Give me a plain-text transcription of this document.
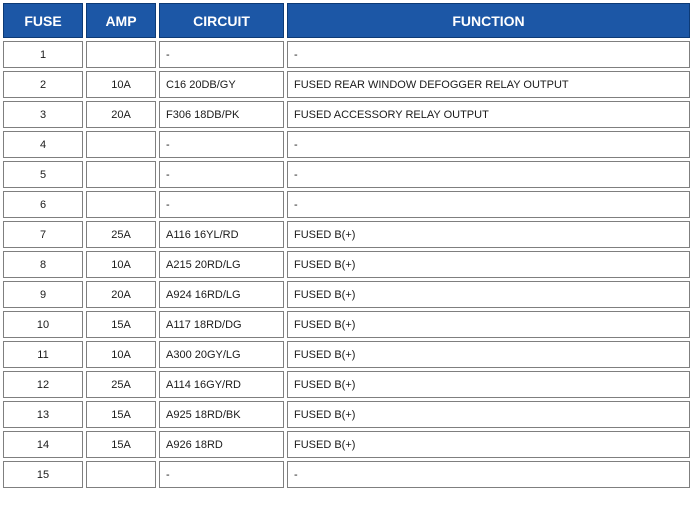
FUSE	AMP	CIRCUIT	FUNCTION
1		-	-
2	10A	C16 20DB/GY	FUSED REAR WINDOW DEFOGGER RELAY OUTPUT
3	20A	F306 18DB/PK	FUSED ACCESSORY RELAY OUTPUT
4		-	-
5		-	-
6		-	-
7	25A	A116 16YL/RD	FUSED B(+)
8	10A	A215 20RD/LG	FUSED B(+)
9	20A	A924 16RD/LG	FUSED B(+)
10	15A	A117 18RD/DG	FUSED B(+)
11	10A	A300 20GY/LG	FUSED B(+)
12	25A	A114 16GY/RD	FUSED B(+)
13	15A	A925 18RD/BK	FUSED B(+)
14	15A	A926 18RD	FUSED B(+)
15		-	-
